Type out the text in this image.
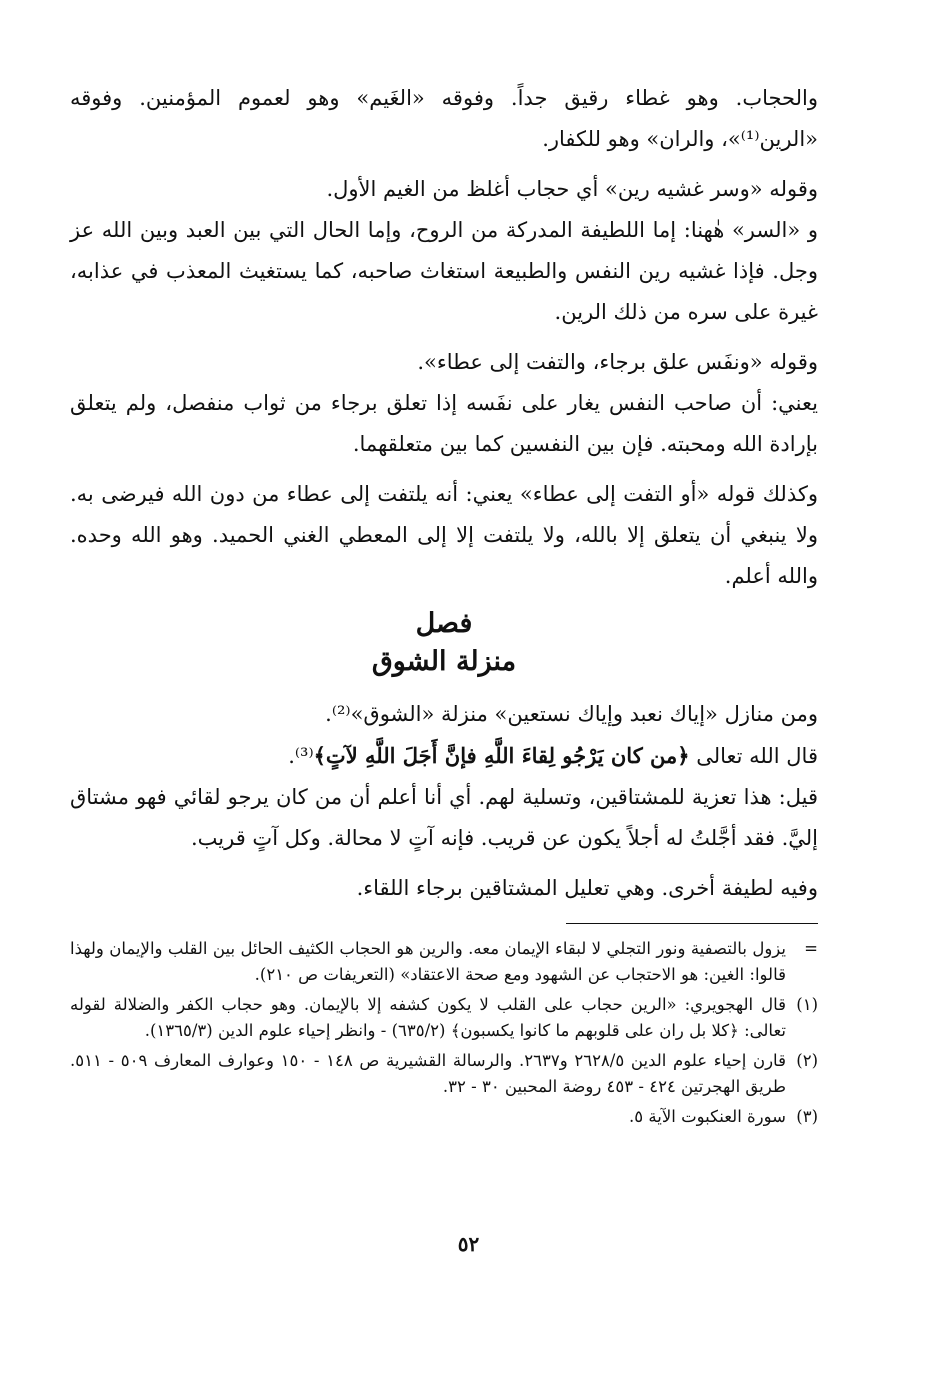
والحجاب. وهو غطاء رقيق جداً. وفوقه «الغَيم» وهو لعموم المؤمنين. وفوقه «الرين⁽¹⁾»، والران» وهو للكفار.

وقوله «وسر غشيه رين» أي حجاب أغلظ من الغيم الأول.

و «السر» هٰهنا: إما اللطيفة المدركة من الروح، وإما الحال التي بين العبد وبين الله عز وجل. فإذا غشيه رين النفس والطبيعة استغاث صاحبه، كما يستغيث المعذب في عذابه، غيرة على سره من ذلك الرين.

وقوله «ونفَس علق برجاء، والتفت إلى عطاء».

يعني: أن صاحب النفس يغار على نفَسه إذا تعلق برجاء من ثواب منفصل، ولم يتعلق بإرادة الله ومحبته. فإن بين النفسين كما بين متعلقهما.

وكذلك قوله «أو التفت إلى عطاء» يعني: أنه يلتفت إلى عطاء من دون الله فيرضى به. ولا ينبغي أن يتعلق إلا بالله، ولا يلتفت إلا إلى المعطي الغني الحميد. وهو الله وحده. والله أعلم.

فصل
منزلة الشوق

ومن منازل «إياك نعبد وإياك نستعين» منزلة «الشوق»⁽²⁾.

قال الله تعالى ﴿من كان يَرْجُو لِقاءَ اللَّهِ فإنَّ أَجَلَ اللَّهِ لآتٍ﴾⁽³⁾.

قيل: هذا تعزية للمشتاقين، وتسلية لهم. أي أنا أعلم أن من كان يرجو لقائي فهو مشتاق إليَّ. فقد أجَّلتُ له أجلاً يكون عن قريب. فإنه آتٍ لا محالة. وكل آتٍ قريب.

وفيه لطيفة أخرى. وهي تعليل المشتاقين برجاء اللقاء.

=
يزول بالتصفية ونور التجلي لا لبقاء الإيمان معه. والرين هو الحجاب الكثيف الحائل بين القلب والإيمان ولهذا قالوا: الغين: هو الاحتجاب عن الشهود ومع صحة الاعتقاد» (التعريفات ص ٢١٠).
(١)
قال الهجويري: «الرين حجاب على القلب لا يكون كشفه إلا بالإيمان. وهو حجاب الكفر والضلالة لقوله تعالى: ﴿كلا بل ران على قلوبهم ما كانوا يكسبون﴾ (٦٣٥/٢) - وانظر إحياء علوم الدين (١٣٦٥/٣).
(٢)
قارن إحياء علوم الدين ٢٦٢٨/٥ و٢٦٣٧. والرسالة القشيرية ص ١٤٨ - ١٥٠ وعوارف المعارف ٥٠٩ - ٥١١. طريق الهجرتين ٤٢٤ - ٤٥٣ روضة المحبين ٣٠ - ٣٢.
(٣)
سورة العنكبوت الآية ٥.
٥٢
